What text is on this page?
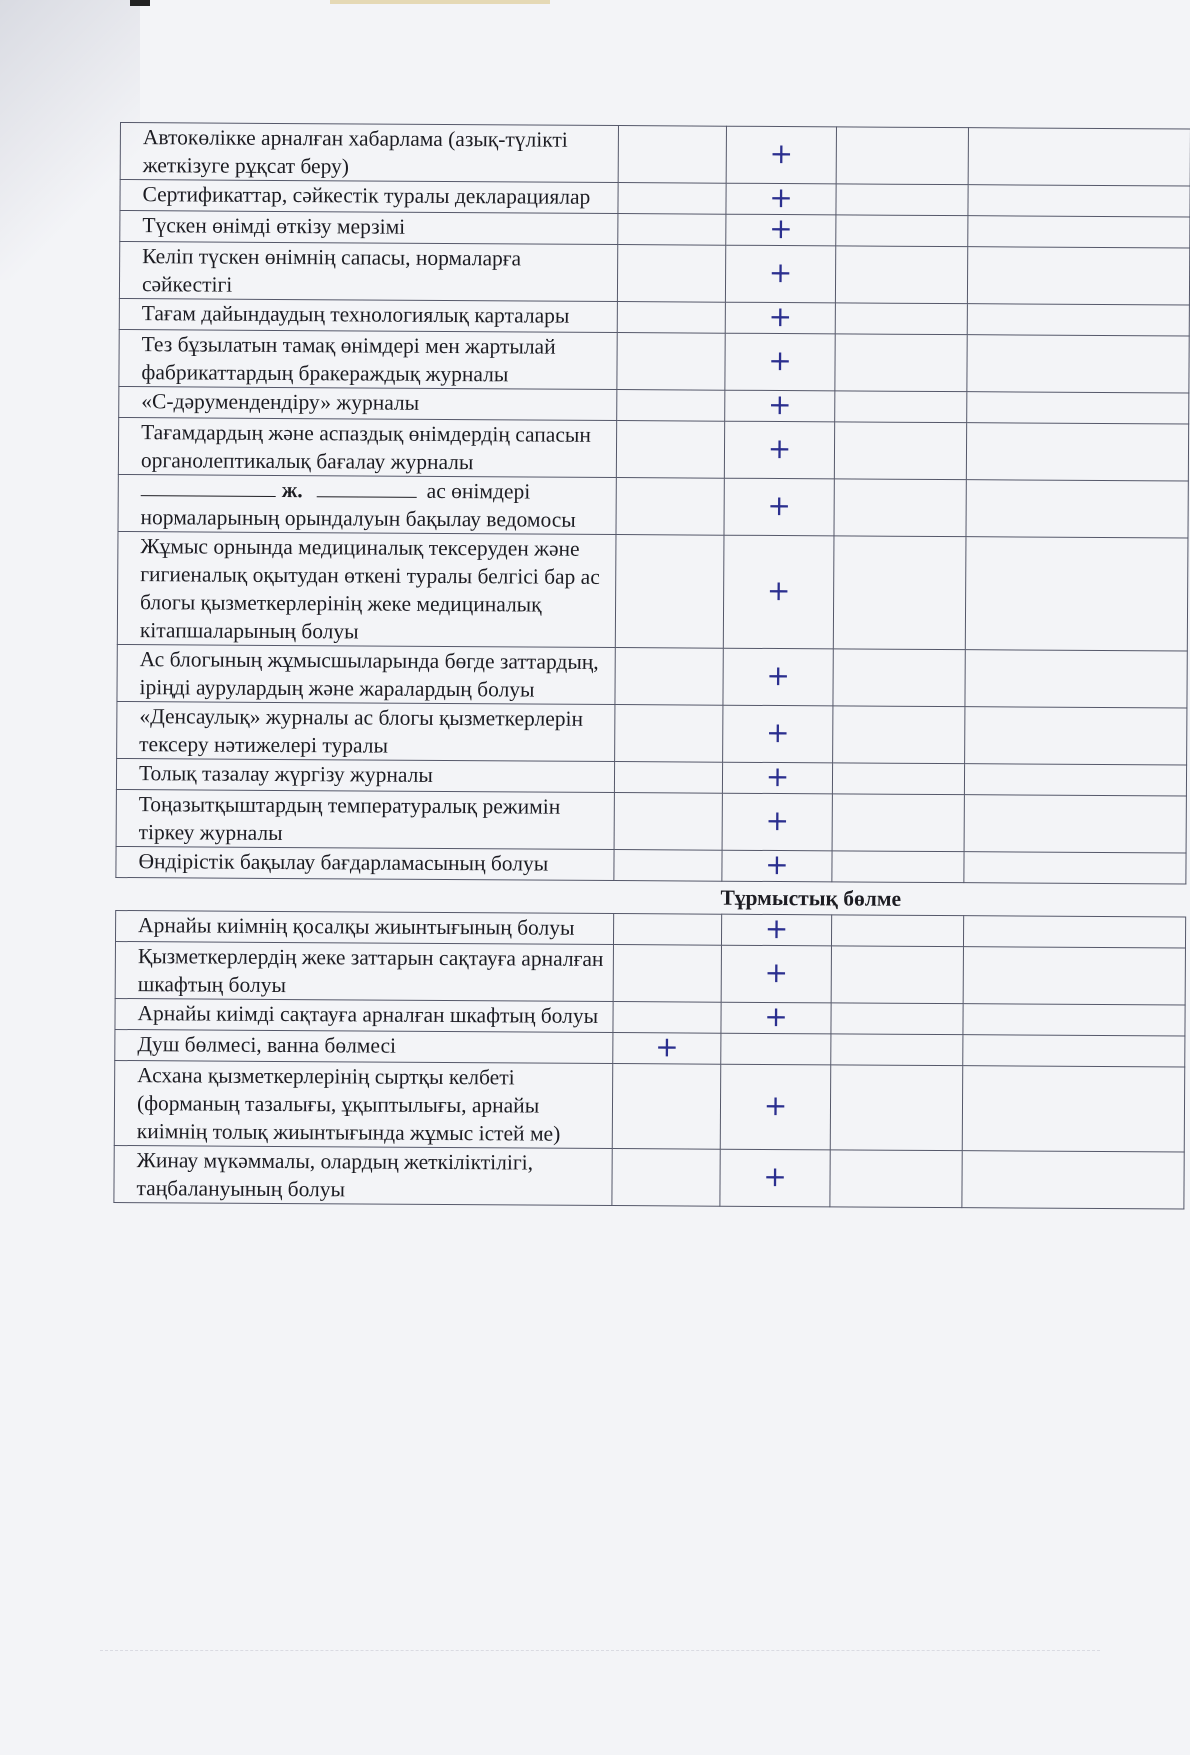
Автокөлікке арналған хабарлама (азық-түлікті жеткізуге рұқсат беру)		+		
Сертификаттар, сәйкестік туралы декларациялар		+		
Түскен өнімді өткізу мерзімі		+		
Келіп түскен өнімнің сапасы, нормаларға сәйкестігі		+		
Тағам дайындаудың технологиялық карталары		+		
Тез бұзылатын тамақ өнімдері мен жартылай фабрикаттардың бракераждық журналы		+		
«С-дәрумендендіру» журналы		+		
Тағамдардың және аспаздық өнімдердің сапасын органолептикалық бағалау журналы		+		
ж. ас өнімдері нормаларының орындалуын бақылау ведомосы		+		
Жұмыс орнында медициналық тексеруден және гигиеналық оқытудан өткені туралы белгісі бар ас блогы қызметкерлерінің жеке медициналық кітапшаларының болуы		+		
Ас блогының жұмысшыларында бөгде заттардың, іріңді аурулардың және жаралардың болуы		+		
«Денсаулық» журналы ас блогы қызметкерлерін тексеру нәтижелері туралы		+		
Толық тазалау жүргізу журналы		+		
Тоңазытқыштардың температуралық режимін тіркеу журналы		+		
Өндірістік бақылау бағдарламасының болуы		+		
Тұрмыстық бөлме				
Арнайы киімнің қосалқы жиынтығының болуы		+		
Қызметкерлердің жеке заттарын сақтауға арналған шкафтың болуы		+		
Арнайы киімді сақтауға арналған шкафтың болуы		+		
Душ бөлмесі, ванна бөлмесі	+			
Асхана қызметкерлерінің сыртқы келбеті (форманың тазалығы, ұқыптылығы, арнайы киімнің толық жиынтығында жұмыс істей ме)		+		
Жинау мүкәммалы, олардың жеткіліктілігі, таңбалануының болуы		+		
